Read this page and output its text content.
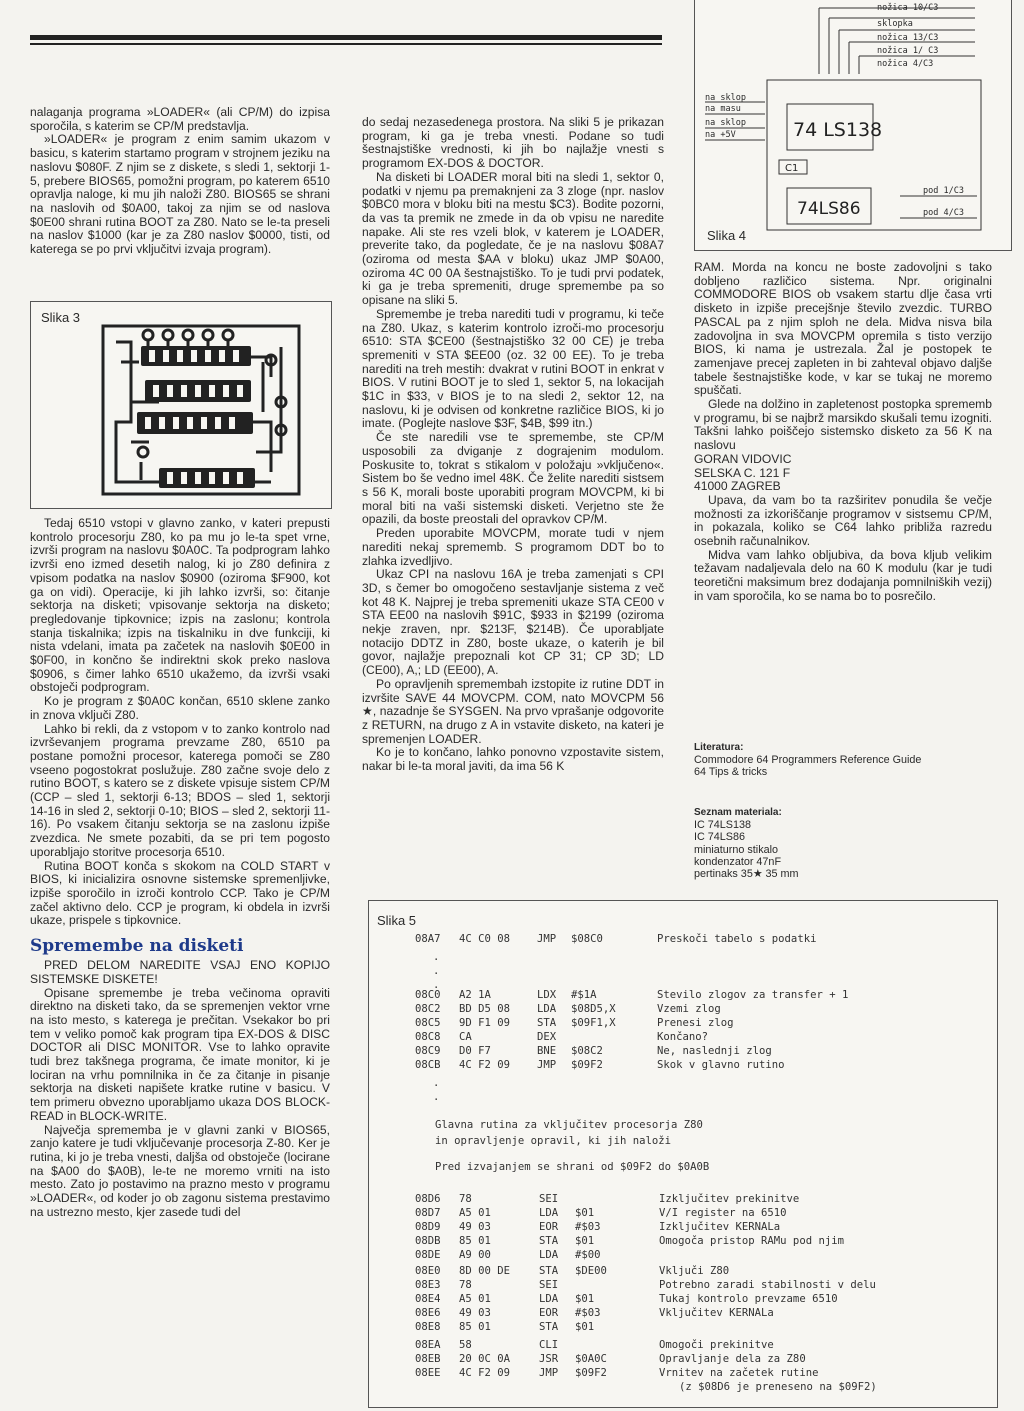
nalaganja programa »LOADER« (ali CP/M) do izpisa sporočila, s katerim se CP/M predstavlja.

»LOADER« je program z enim samim ukazom v basicu, s katerim startamo program v strojnem jeziku na naslovu $080F. Z njim se z diskete, s sledi 1, sektorji 1-5, prebere BIOS65, pomožni program, po katerem 6510 opravlja naloge, ki mu jih naloži Z80. BIOS65 se shrani na naslovih od $0A00, takoj za njim se od naslova $0E00 shrani rutina BOOT za Z80. Nato se le-ta preseli na naslov $1000 (kar je za Z80 naslov $0000, tisti, od katerega se po prvi vključitvi izvaja program).

Slika 3

Tedaj 6510 vstopi v glavno zanko, v kateri prepusti kontrolo procesorju Z80, ko pa mu jo le-ta spet vrne, izvrši program na naslovu $0A0C. Ta podprogram lahko izvrši eno izmed desetih nalog, ki jo Z80 definira z vpisom podatka na naslov $0900 (oziroma $F900, kot ga on vidi). Operacije, ki jih lahko izvrši, so: čitanje sektorja na disketi; vpisovanje sektorja na disketo; pregledovanje tipkovnice; izpis na zaslonu; kontrola stanja tiskalnika; izpis na tiskalniku in dve funkciji, ki nista vdelani, imata pa začetek na naslovih $0E00 in $0F00, in končno še indirektni skok preko naslova $0906, s čimer lahko 6510 ukažemo, da izvrši vsaki obstoječi podprogram.

Ko je program z $0A0C končan, 6510 sklene zanko in znova vključi Z80.

Lahko bi rekli, da z vstopom v to zanko kontrolo nad izvrševanjem programa prevzame Z80, 6510 pa postane pomožni procesor, katerega pomoči se Z80 vseeno pogostokrat poslužuje. Z80 začne svoje delo z rutino BOOT, s katero se z diskete vpisuje sistem CP/M (CCP – sled 1, sektorji 6-13; BDOS – sled 1, sektorji 14-16 in sled 2, sektorji 0-10; BIOS – sled 2, sektorji 11-16). Po vsakem čitanju sektorja se na zaslonu izpiše zvezdica. Ne smete pozabiti, da se pri tem pogosto uporabljajo storitve procesorja 6510.

Rutina BOOT konča s skokom na COLD START v BIOS, ki inicializira osnovne sistemske spremenljivke, izpiše sporočilo in izroči kontrolo CCP. Tako je CP/M začel aktivno delo. CCP je program, ki obdela in izvrši ukaze, prispele s tipkovnice.

Spremembe na disketi

PRED DELOM NAREDITE VSAJ ENO KOPIJO SISTEMSKE DISKETE!

Opisane spremembe je treba večinoma opraviti direktno na disketi tako, da se spremenjen vektor vrne na isto mesto, s katerega je prečitan. Vsekakor bo pri tem v veliko pomoč kak program tipa EX-DOS & DISC DOCTOR ali DISC MONITOR. Vse to lahko opravite tudi brez takšnega programa, če imate monitor, ki je lociran na vrhu pomnilnika in če za čitanje in pisanje sektorja na disketi napišete kratke rutine v basicu. V tem primeru obvezno uporabljamo ukaza DOS BLOCK-READ in BLOCK-WRITE.

Največja sprememba je v glavni zanki v BIOS65, zanjo katere je tudi vključevanje procesorja Z-80. Ker je rutina, ki jo je treba vnesti, daljša od obstoječe (locirane na $A00 do $A0B), le-te ne moremo vrniti na isto mesto. Zato jo postavimo na prazno mesto v programu »LOADER«, od koder jo ob zagonu sistema prestavimo na ustrezno mesto, kjer zasede tudi del

do sedaj nezasedenega prostora. Na sliki 5 je prikazan program, ki ga je treba vnesti. Podane so tudi šestnajstiške vrednosti, ki jih bo najlažje vnesti s programom EX-DOS & DOCTOR.

Na disketi bi LOADER moral biti na sledi 1, sektor 0, podatki v njemu pa premaknjeni za 3 zloge (npr. naslov $0BC0 mora v bloku biti na mestu $C3). Bodite pozorni, da vas ta premik ne zmede in da ob vpisu ne naredite napake. Ali ste res vzeli blok, v katerem je LOADER, preverite tako, da pogledate, če je na naslovu $08A7 (oziroma od mesta $AA v bloku) ukaz JMP $0A00, oziroma 4C 00 0A šestnajstiško. To je tudi prvi podatek, ki ga je treba spremeniti, druge spremembe pa so opisane na sliki 5.

Spremembe je treba narediti tudi v programu, ki teče na Z80. Ukaz, s katerim kontrolo izroči-mo procesorju 6510: STA $CE00 (šestnajstiško 32 00 CE) je treba spremeniti v STA $EE00 (oz. 32 00 EE). To je treba narediti na treh mestih: dvakrat v rutini BOOT in enkrat v BIOS. V rutini BOOT je to sled 1, sektor 5, na lokacijah $1C in $33, v BIOS je to na sledi 2, sektor 12, na naslovu, ki je odvisen od konkretne različice BIOS, ki jo imate. (Poglejte naslove $3F, $4B, $99 itn.)

Če ste naredili vse te spremembe, ste CP/M usposobili za dviganje z dograjenim modulom. Poskusite to, tokrat s stikalom v položaju »vključeno«. Sistem bo še vedno imel 48K. Če želite narediti sistsem s 56 K, morali boste uporabiti program MOVCPM, ki bi moral biti na vaši sistemski disketi. Verjetno ste že opazili, da boste preostali del opravkov CP/M.

Preden uporabite MOVCPM, morate tudi v njem narediti nekaj sprememb. S programom DDT bo to zlahka izvedljivo.

Ukaz CPI na naslovu 16A je treba zamenjati s CPI 3D, s čemer bo omogočeno sestavljanje sistema z več kot 48 K. Najprej je treba spremeniti ukaze STA CE00 v STA EE00 na naslovih $91C, $933 in $2199 (oziroma nekje zraven, npr. $213F, $214B). Če uporabljate notacijo DDTZ in Z80, boste ukaze, o katerih je bil govor, najlažje prepoznali kot CP 31; CP 3D; LD (CE00), A,; LD (EE00), A.

Po opravljenih spremembah izstopite iz rutine DDT in izvršite SAVE 44 MOVCPM. COM, nato MOVCPM 56 ★, nazadnje še SYSGEN. Na prvo vprašanje odgovorite z RETURN, na drugo z A in vstavite disketo, na kateri je spremenjen LOADER.

Ko je to končano, lahko ponovno vzpostavite sistem, nakar bi le-ta moral javiti, da ima 56 K

nožica 10/C3
sklopka
nožica 13/C3
nožica 1/ C3
nožica 4/C3
na sklop
na masu
na sklop
na +5V
pod 1/C3
pod 4/C3
74 LS138
74LS86
C1
Slika 4

RAM. Morda na koncu ne boste zadovoljni s tako dobljeno različico sistema. Npr. originalni COMMODORE BIOS ob vsakem startu dlje časa vrti disketo in izpiše precejšnje število zvezdic. TURBO PASCAL pa z njim sploh ne dela. Midva nisva bila zadovoljna in sva MOVCPM opremila s tisto verzijo BIOS, ki nama je ustrezala. Žal je postopek te zamenjave precej zapleten in bi zahteval objavo dalјše tabele šestnajstiške kode, v kar se tukaj ne moremo spuščati.

Glede na dolžino in zapletenost postopka sprememb v programu, bi se najbrž marsikdo skušali temu izogniti. Takšni lahko poiščejo sistemsko disketo za 56 K na naslovu

GORAN VIDOVIC
SELSKA C. 121 F
41000 ZAGREB

Upava, da vam bo ta razširitev ponudila še večje možnosti za izkoriščanje programov v sistsemu CP/M, in pokazala, koliko se C64 lahko približa razredu osebnih računalnikov.

Midva vam lahko obljubiva, da bova kljub velikim težavam nadaljevala delo na 60 K modulu (kar je tudi teoretični maksimum brez dodajanja pomnilniških vezij) in vam sporočila, ko se nama bo to posrečilo.

Literatura:
Commodore 64 Programmers Reference Guide
64 Tips & tricks
Seznam materiala:
IC 74LS138
IC 74LS86
miniaturno stikalo
kondenzator 47nF
pertinaks 35★ 35 mm
Slika 5

08A7 4C C0 08	JMP $08C0	Preskoči tabelo s podatki

.

.

.

08C0 A2 1A	LDX #$1A	Stevilo zlogov za transfer + 1

08C2 BD D5 08	LDA $08D5,X	Vzemi zlog

08C5 9D F1 09	STA $09F1,X	Prenesi zlog

08C8 CA	DEX	Končano?

08C9 D0 F7	BNE $08C2	Ne, naslednji zlog

08CB 4C F2 09	JMP $09F2	Skok v glavno rutino

.

.

Glavna rutina za vključitev procesorja Z80

in opravljenje opravil, ki jih naloži

Pred izvajanjem se shrani od $09F2 do $0A0B

08D6 78	SEI	Izključitev prekinitve

08D7 A5 01	LDA $01	V/I register na 6510

08D9 49 03	EOR #$03	Izključitev KERNALa

08DB 85 01	STA $01	Omogoča pristop RAMu pod njim

08DE A9 00	LDA #$00

08E0 8D 00 DE	STA $DE00	Vključi Z80

08E3 78	SEI	Potrebno zaradi stabilnosti v delu

08E4 A5 01	LDA $01	Tukaj kontrolo prevzame 6510

08E6 49 03	EOR #$03	Vključitev KERNALa

08E8 85 01	STA $01

08EA 58	CLI	Omogoči prekinitve

08EB 20 0C 0A	JSR $0A0C	Opravljanje dela za Z80

08EE 4C F2 09	JMP $09F2	Vrnitev na začetek rutine

(z $08D6 je preneseno na $09F2)
